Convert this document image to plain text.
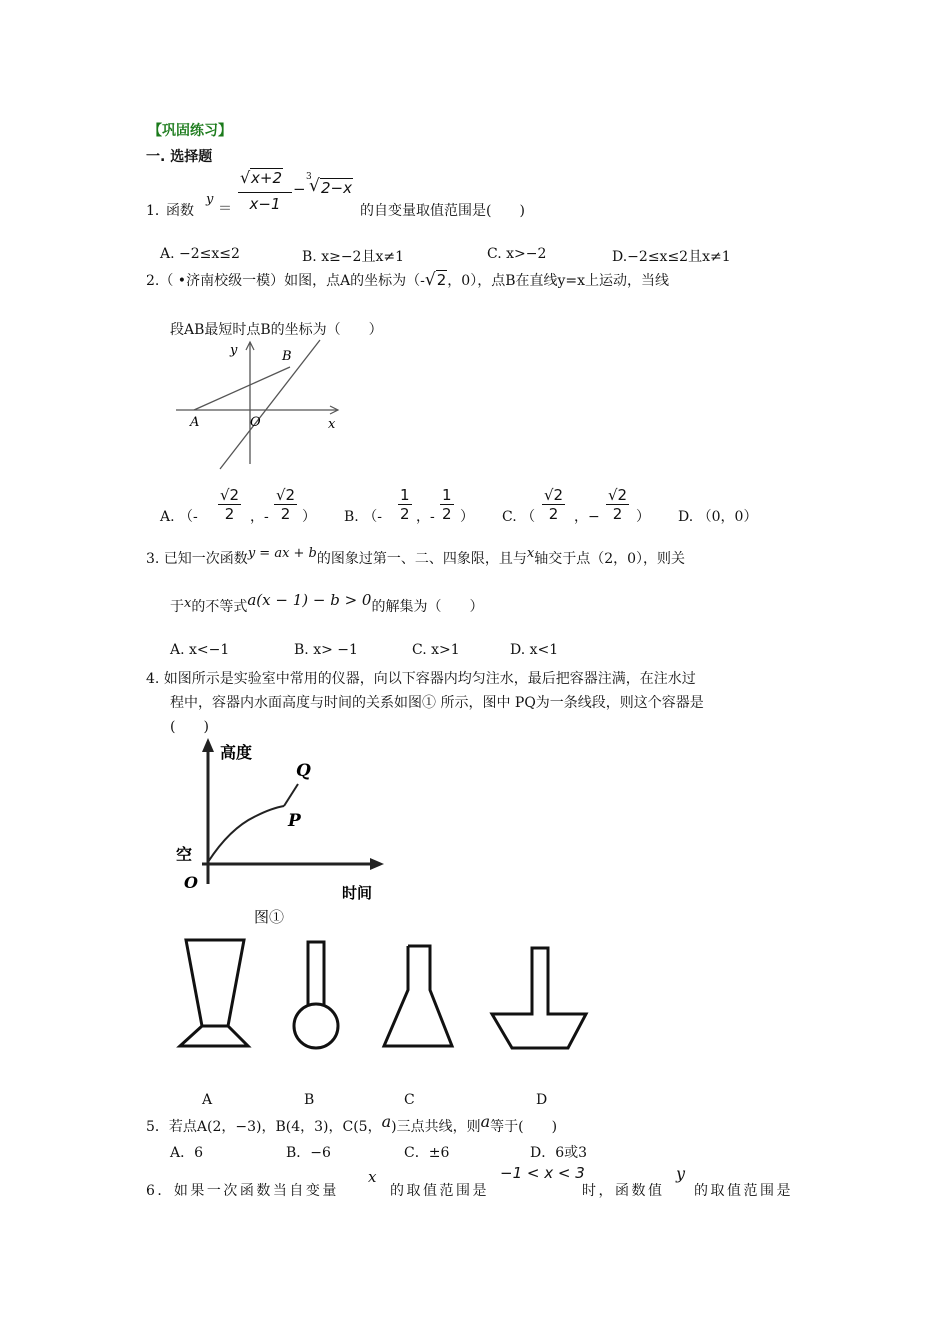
【巩固练习】
一. 选择题
1．
函数
y
＝ $\frac{√ x+2}{x-1}$ −
3
√ 2−x
的自变量取值范围是(　　)
A. −2≤x≤2	B. x≥−2且x≠1	C. x>−2	D.−2≤x≤2且x≠1
2.（ •济南校级一模）如图，点A的坐标为（-√2，0），点B在直线y=x上运动，当线
段AB最短时点B的坐标为（　　）
y	B
A	O	x
A. （- $\frac{√2}{2}$ ，- $\frac{√2}{2}$ ） B. （- $\frac{1}{2}$ ，- $\frac{1}{2}$ ） C. （ $\frac{√2}{2}$ ，− $\frac{√2}{2}$ ） D. （0，0）
3. 已知一次函数y = ax + b的图象过第一、二、四象限，且与x轴交于点（2，0），则关
于x的不等式a(x − 1) − b > 0的解集为（　　）
A. x<−1	B. x> −1	C. x>1	D. x<1
4. 如图所示是实验室中常用的仪器，向以下容器内均匀注水，最后把容器注满，在注水过
程中，容器内水面高度与时间的关系如图① 所示，图中 PQ为一条线段，则这个容器是
(　　)
高度
Q
P
空
O
时间
图①
A	B	C	D
5．若点A(2，−3)，B(4，3)，C(5，a)三点共线，则a等于(　　)
A．6	B．−6	C．±6	D．6或3
6．如果一次函数当自变量
x
的取值范围是
−1 < x < 3
时，函数值
y
的取值范围是
